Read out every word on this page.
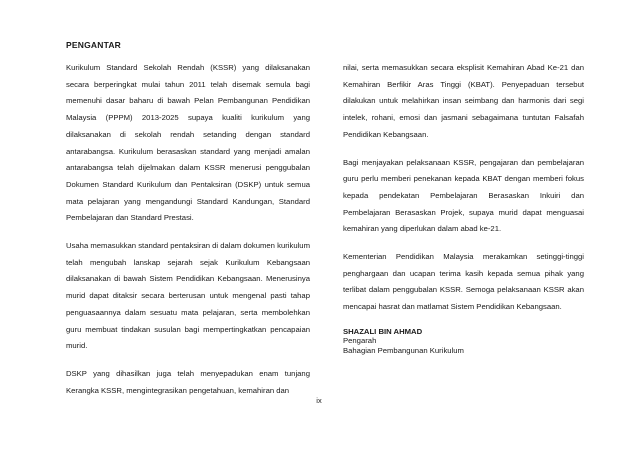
PENGANTAR

Kurikulum Standard Sekolah Rendah (KSSR) yang dilaksanakan secara berperingkat mulai tahun 2011 telah disemak semula bagi memenuhi dasar baharu di bawah Pelan Pembangunan Pendidikan Malaysia (PPPM) 2013-2025 supaya kualiti kurikulum yang dilaksanakan di sekolah rendah setanding dengan standard antarabangsa. Kurikulum berasaskan standard yang menjadi amalan antarabangsa telah dijelmakan dalam KSSR menerusi penggubalan Dokumen Standard Kurikulum dan Pentaksiran (DSKP) untuk semua mata pelajaran yang mengandungi Standard Kandungan, Standard Pembelajaran dan Standard Prestasi.

Usaha memasukkan standard pentaksiran di dalam dokumen kurikulum telah mengubah lanskap sejarah sejak Kurikulum Kebangsaan dilaksanakan di bawah Sistem Pendidikan Kebangsaan. Menerusinya murid dapat ditaksir secara berterusan untuk mengenal pasti tahap penguasaannya dalam sesuatu mata pelajaran, serta membolehkan guru membuat tindakan susulan bagi mempertingkatkan pencapaian murid.

DSKP yang dihasilkan juga telah menyepadukan enam tunjang Kerangka KSSR, mengintegrasikan pengetahuan, kemahiran dan

nilai, serta memasukkan secara eksplisit Kemahiran Abad Ke-21 dan Kemahiran Berfikir Aras Tinggi (KBAT). Penyepaduan tersebut dilakukan untuk melahirkan insan seimbang dan harmonis dari segi intelek, rohani, emosi dan jasmani sebagaimana tuntutan Falsafah Pendidikan Kebangsaan.

Bagi menjayakan pelaksanaan KSSR, pengajaran dan pembelajaran guru perlu memberi penekanan kepada KBAT dengan memberi fokus kepada pendekatan Pembelajaran Berasaskan Inkuiri dan Pembelajaran Berasaskan Projek, supaya murid dapat menguasai kemahiran yang diperlukan dalam abad ke-21.

Kementerian Pendidikan Malaysia merakamkan setinggi-tinggi penghargaan dan ucapan terima kasih kepada semua pihak yang terlibat dalam penggubalan KSSR. Semoga pelaksanaan KSSR akan mencapai hasrat dan matlamat Sistem Pendidikan Kebangsaan.

SHAZALI BIN AHMAD
Pengarah
Bahagian Pembangunan Kurikulum

ix
